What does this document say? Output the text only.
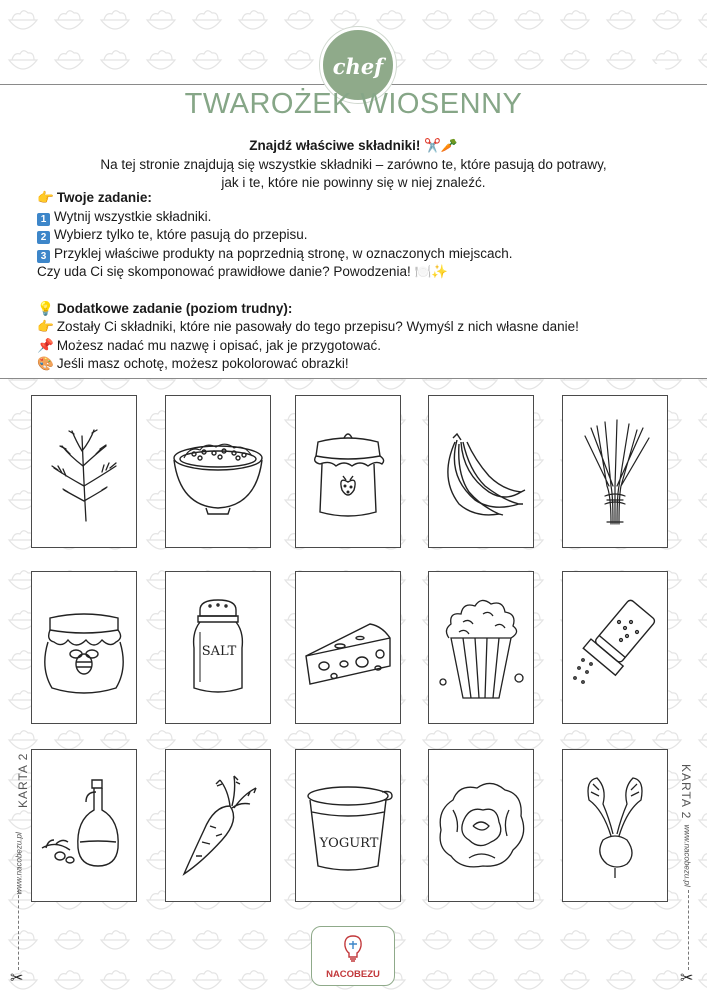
chef
TWAROŻEK WIOSENNY
Znajdź właściwe składniki! ✂️🥕
Na tej stronie znajdują się wszystkie składniki – zarówno te, które pasują do potrawy,
jak i te, które nie powinny się w niej znaleźć.
👉 Twoje zadanie:
1 Wytnij wszystkie składniki.
2 Wybierz tylko te, które pasują do przepisu.
3 Przyklej właściwe produkty na poprzednią stronę, w oznaczonych miejscach.
Czy uda Ci się skomponować prawidłowe danie? Powodzenia! 🍽️✨
💡 Dodatkowe zadanie (poziom trudny):
👉 Zostały Ci składniki, które nie pasowały do tego przepisu? Wymyśl z nich własne danie!
📌 Możesz nadać mu nazwę i opisać, jak je przygotować.
🎨 Jeśli masz ochotę, możesz pokolorować obrazki!
SALT
YOGURT
KARTA 2	KARTA 2
www.nacobezu.pl	www.nacobezu.pl
✂	✂
NACOBEZU
